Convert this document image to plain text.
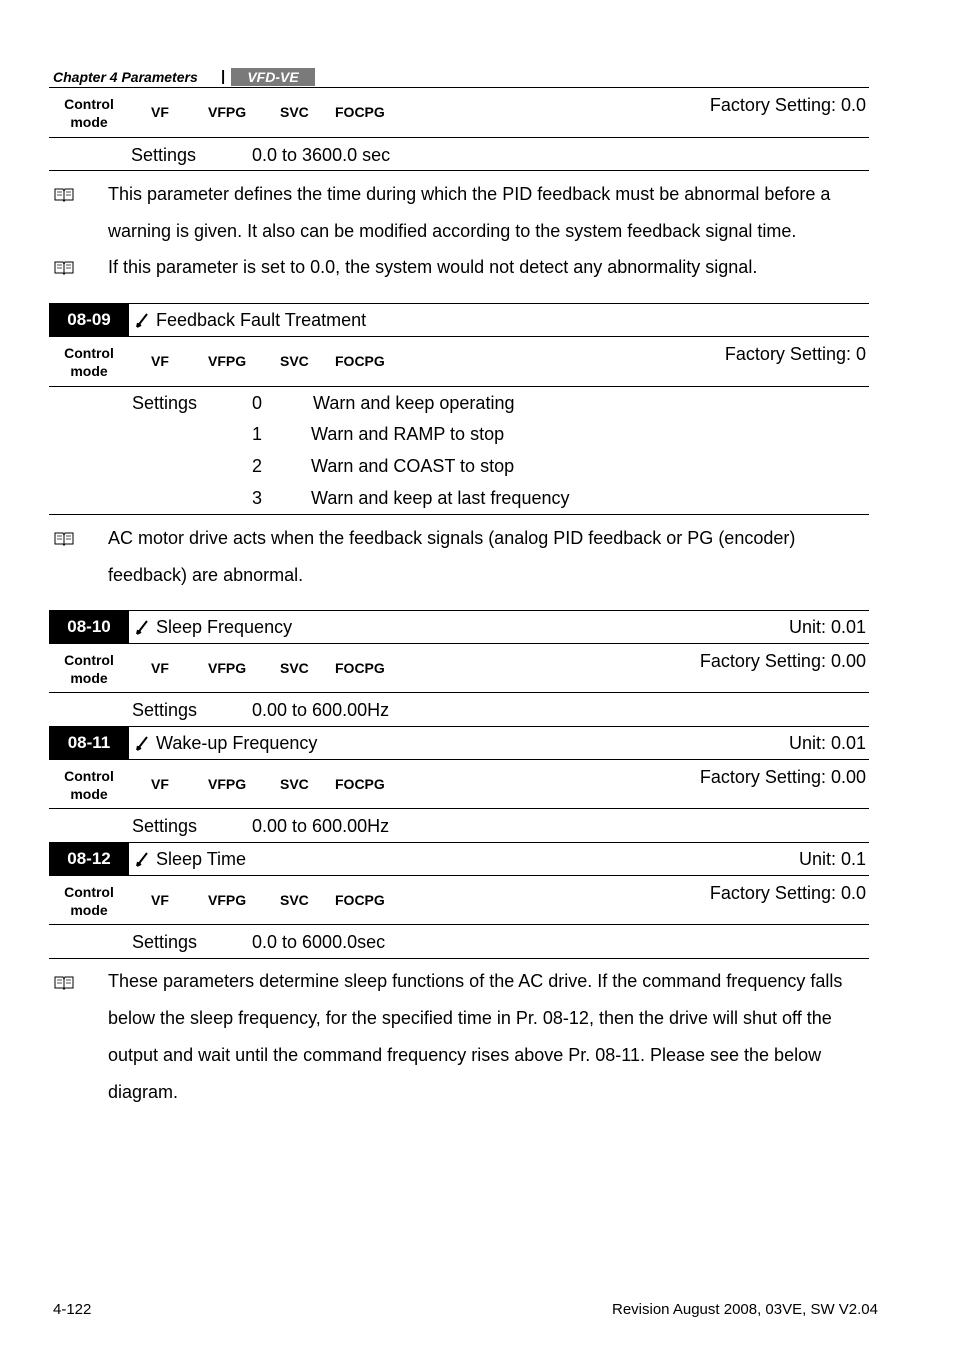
Chapter 4 Parameters | VFD-VE
Control
mode
VF	VFPG SVC FOCPG	Factory Setting: 0.0
Settings	0.0 to 3600.0 sec
This parameter defines the time during which the PID feedback must be abnormal before a warning is given. It also can be modified according to the system feedback signal time.
If this parameter is set to 0.0, the system would not detect any abnormality signal.
08-09	Feedback Fault Treatment
Control
mode
VF	VFPG SVC FOCPG	Factory Setting: 0
Settings	0	Warn and keep operating
1	Warn and RAMP to stop
2	Warn and COAST to stop
3	Warn and keep at last frequency
AC motor drive acts when the feedback signals (analog PID feedback or PG (encoder) feedback) are abnormal.
08-10	Sleep Frequency	Unit: 0.01
Control
mode
VF	VFPG SVC FOCPG	Factory Setting: 0.00
Settings	0.00 to 600.00Hz
08-11	Wake-up Frequency	Unit: 0.01
Control
mode
VF	VFPG SVC FOCPG	Factory Setting: 0.00
Settings	0.00 to 600.00Hz
08-12	Sleep Time	Unit: 0.1
Control
mode
VF	VFPG SVC FOCPG	Factory Setting: 0.0
Settings	0.0 to 6000.0sec
These parameters determine sleep functions of the AC drive. If the command frequency falls below the sleep frequency, for the specified time in Pr. 08-12, then the drive will shut off the output and wait until the command frequency rises above Pr. 08-11. Please see the below diagram.
4-122	Revision August 2008, 03VE, SW V2.04
